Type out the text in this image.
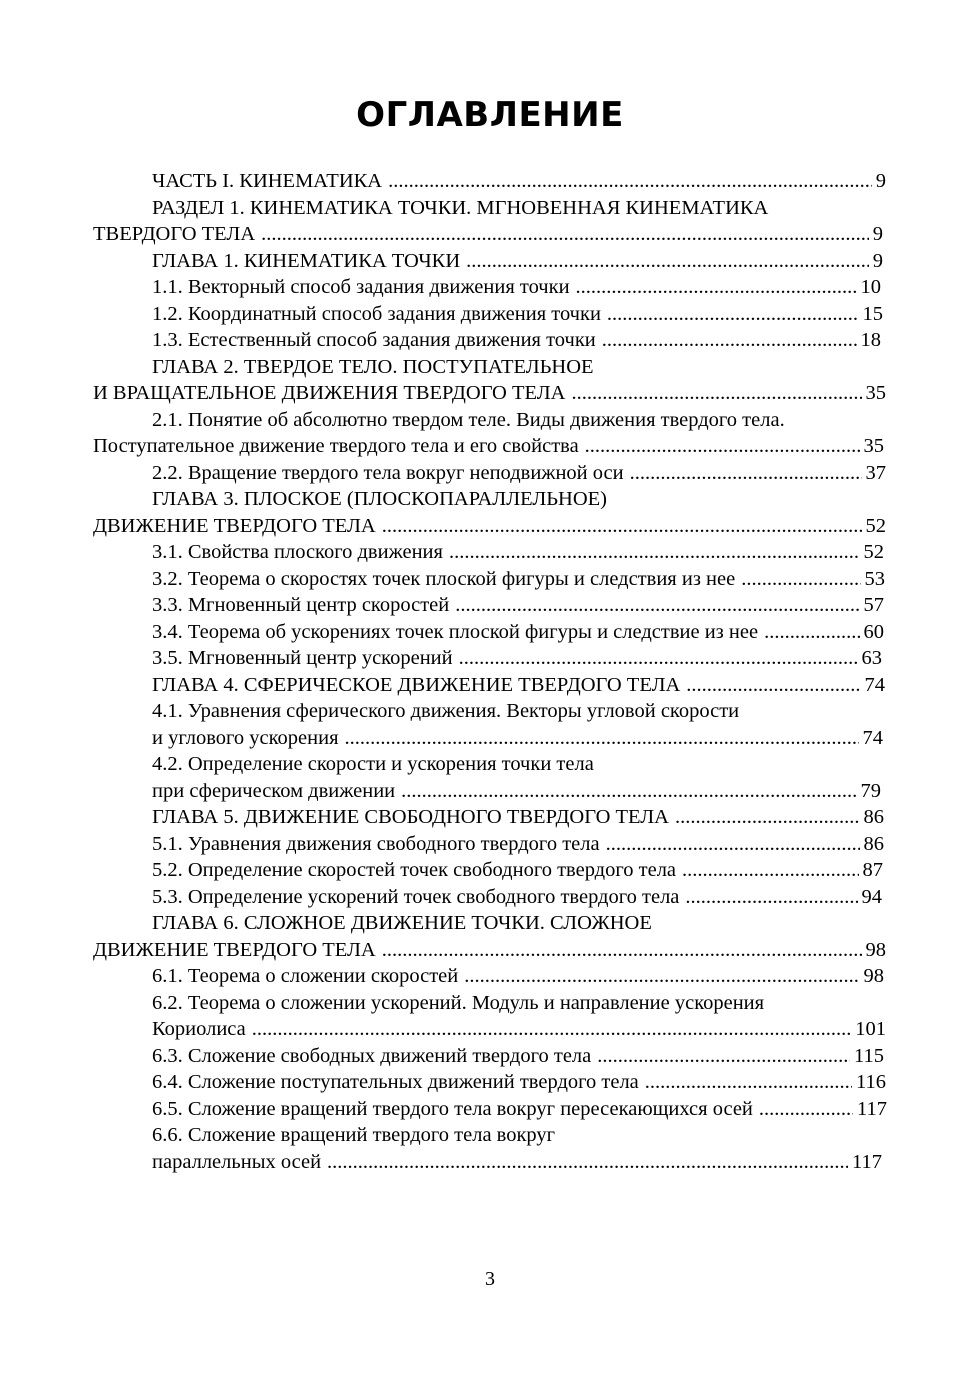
ОГЛАВЛЕНИЕ
ЧАСТЬ I. КИНЕМАТИКА .....	9
РАЗДЕЛ 1. КИНЕМАТИКА ТОЧКИ. МГНОВЕННАЯ КИНЕМАТИКА
ТВЕРДОГО ТЕЛА .....	9
ГЛАВА 1. КИНЕМАТИКА ТОЧКИ .....	9
1.1. Векторный способ задания движения точки .....	10
1.2. Координатный способ задания движения точки .....	15
1.3. Естественный способ задания движения точки .....	18
ГЛАВА 2. ТВЕРДОЕ ТЕЛО. ПОСТУПАТЕЛЬНОЕ
И ВРАЩАТЕЛЬНОЕ ДВИЖЕНИЯ ТВЕРДОГО ТЕЛА .....	35
2.1. Понятие об абсолютно твердом теле. Виды движения твердого тела.
Поступательное движение твердого тела и его свойства .....	35
2.2. Вращение твердого тела вокруг неподвижной оси .....	37
ГЛАВА 3. ПЛОСКОЕ (ПЛОСКОПАРАЛЛЕЛЬНОЕ)
ДВИЖЕНИЕ ТВЕРДОГО ТЕЛА .....	52
3.1. Свойства плоского движения .....	52
3.2. Теорема о скоростях точек плоской фигуры и следствия из нее .....	53
3.3. Мгновенный центр скоростей .....	57
3.4. Теорема об ускорениях точек плоской фигуры и следствие из нее .....	60
3.5. Мгновенный центр ускорений .....	63
ГЛАВА 4. СФЕРИЧЕСКОЕ ДВИЖЕНИЕ ТВЕРДОГО ТЕЛА .....	74
4.1. Уравнения сферического движения. Векторы угловой скорости
и углового ускорения .....	74
4.2. Определение скорости и ускорения точки тела
при сферическом движении .....	79
ГЛАВА 5. ДВИЖЕНИЕ СВОБОДНОГО ТВЕРДОГО ТЕЛА .....	86
5.1. Уравнения движения свободного твердого тела .....	86
5.2. Определение скоростей точек свободного твердого тела .....	87
5.3. Определение ускорений точек свободного твердого тела .....	94
ГЛАВА 6. СЛОЖНОЕ ДВИЖЕНИЕ ТОЧКИ. СЛОЖНОЕ
ДВИЖЕНИЕ ТВЕРДОГО ТЕЛА .....	98
6.1. Теорема о сложении скоростей .....	98
6.2. Теорема о сложении ускорений. Модуль и направление ускорения
Кориолиса .....	101
6.3. Сложение свободных движений твердого тела .....	115
6.4. Сложение поступательных движений твердого тела .....	116
6.5. Сложение вращений твердого тела вокруг пересекающихся осей .....	117
6.6. Сложение вращений твердого тела вокруг
параллельных осей .....	117
3
